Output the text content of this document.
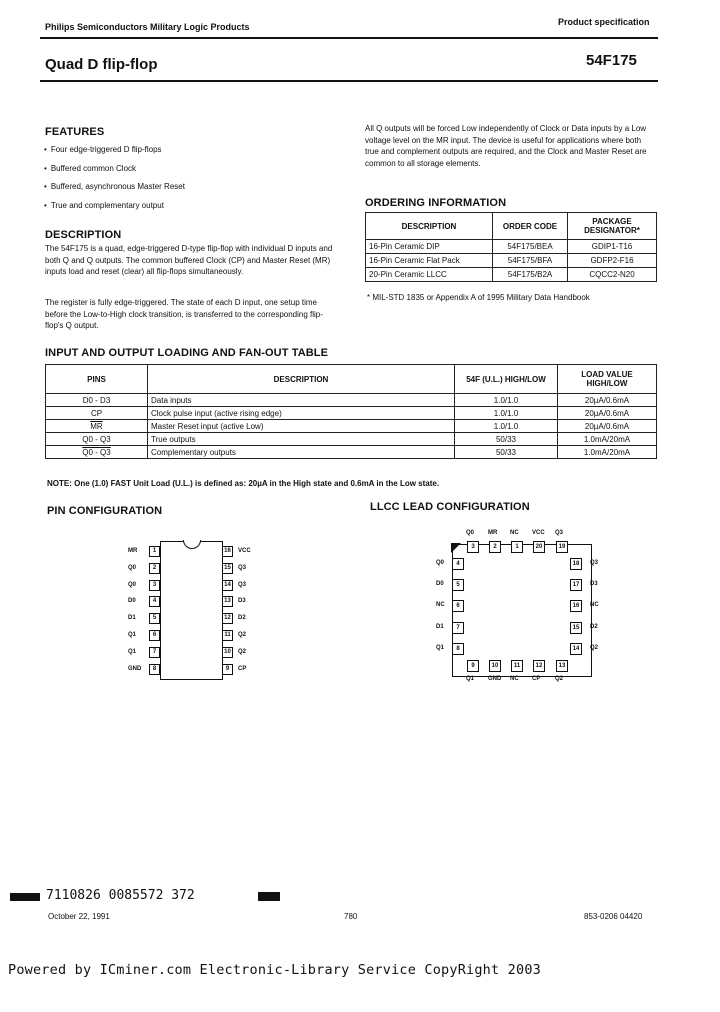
Philips Semiconductors Military Logic Products	Product specification
Quad D flip-flop	54F175
FEATURES
• Four edge-triggered D flip-flops
• Buffered common Clock
• Buffered, asynchronous Master Reset
• True and complementary output
DESCRIPTION
The 54F175 is a quad, edge-triggered D-type flip-flop with individual D inputs and both Q and Q outputs. The common buffered Clock (CP) and Master Reset (MR) inputs load and reset (clear) all flip-flops simultaneously.
The register is fully edge-triggered. The state of each D input, one setup time before the Low-to-High clock transition, is transferred to the corresponding flip-flop's Q output.
All Q outputs will be forced Low independently of Clock or Data inputs by a Low voltage level on the MR input. The device is useful for applications where both true and complement outputs are required, and the Clock and Master Reset are common to all storage elements.
ORDERING INFORMATION
DESCRIPTION	ORDER CODE	PACKAGE DESIGNATOR*
16-Pin Ceramic DIP	54F175/BEA	GDIP1-T16
16-Pin Ceramic Flat Pack	54F175/BFA	GDFP2-F16
20-Pin Ceramic LLCC	54F175/B2A	CQCC2-N20
* MIL-STD 1835 or Appendix A of 1995 Military Data Handbook
INPUT AND OUTPUT LOADING AND FAN-OUT TABLE
PINS	DESCRIPTION	54F (U.L.) HIGH/LOW	LOAD VALUE HIGH/LOW
D0 - D3	Data inputs	1.0/1.0	20µA/0.6mA
CP	Clock pulse input (active rising edge)	1.0/1.0	20µA/0.6mA
$\overline{MR}$	Master Reset input (active Low)	1.0/1.0	20µA/0.6mA
Q0 - Q3	True outputs	50/33	1.0mA/20mA
Q0 - Q3	Complementary outputs	50/33	1.0mA/20mA
NOTE: One (1.0) FAST Unit Load (U.L.) is defined as: 20µA in the High state and 0.6mA in the Low state.
PIN CONFIGURATION
1
MR
2
Q0
3
Q0
4
D0
5
D1
6
Q1
7
Q1
8
GND
16	VCC
15	Q3
14	Q3
13	D3
12	D2
11	Q2
10	Q2
9	CP
LLCC LEAD CONFIGURATION
3
Q0
2
MR
1
NC
20
VCC
19
Q3
9
Q1
10
GND
11
NC
12
CP
13
Q2
4
Q0
5
D0
6
NC
7
D1
8
Q1
18	Q3
17	D3
16	NC
15	D2
14	Q2
7110826 0085572 372
October 22, 1991	780	853-0206 04420
Powered by ICminer.com Electronic-Library Service CopyRight 2003
